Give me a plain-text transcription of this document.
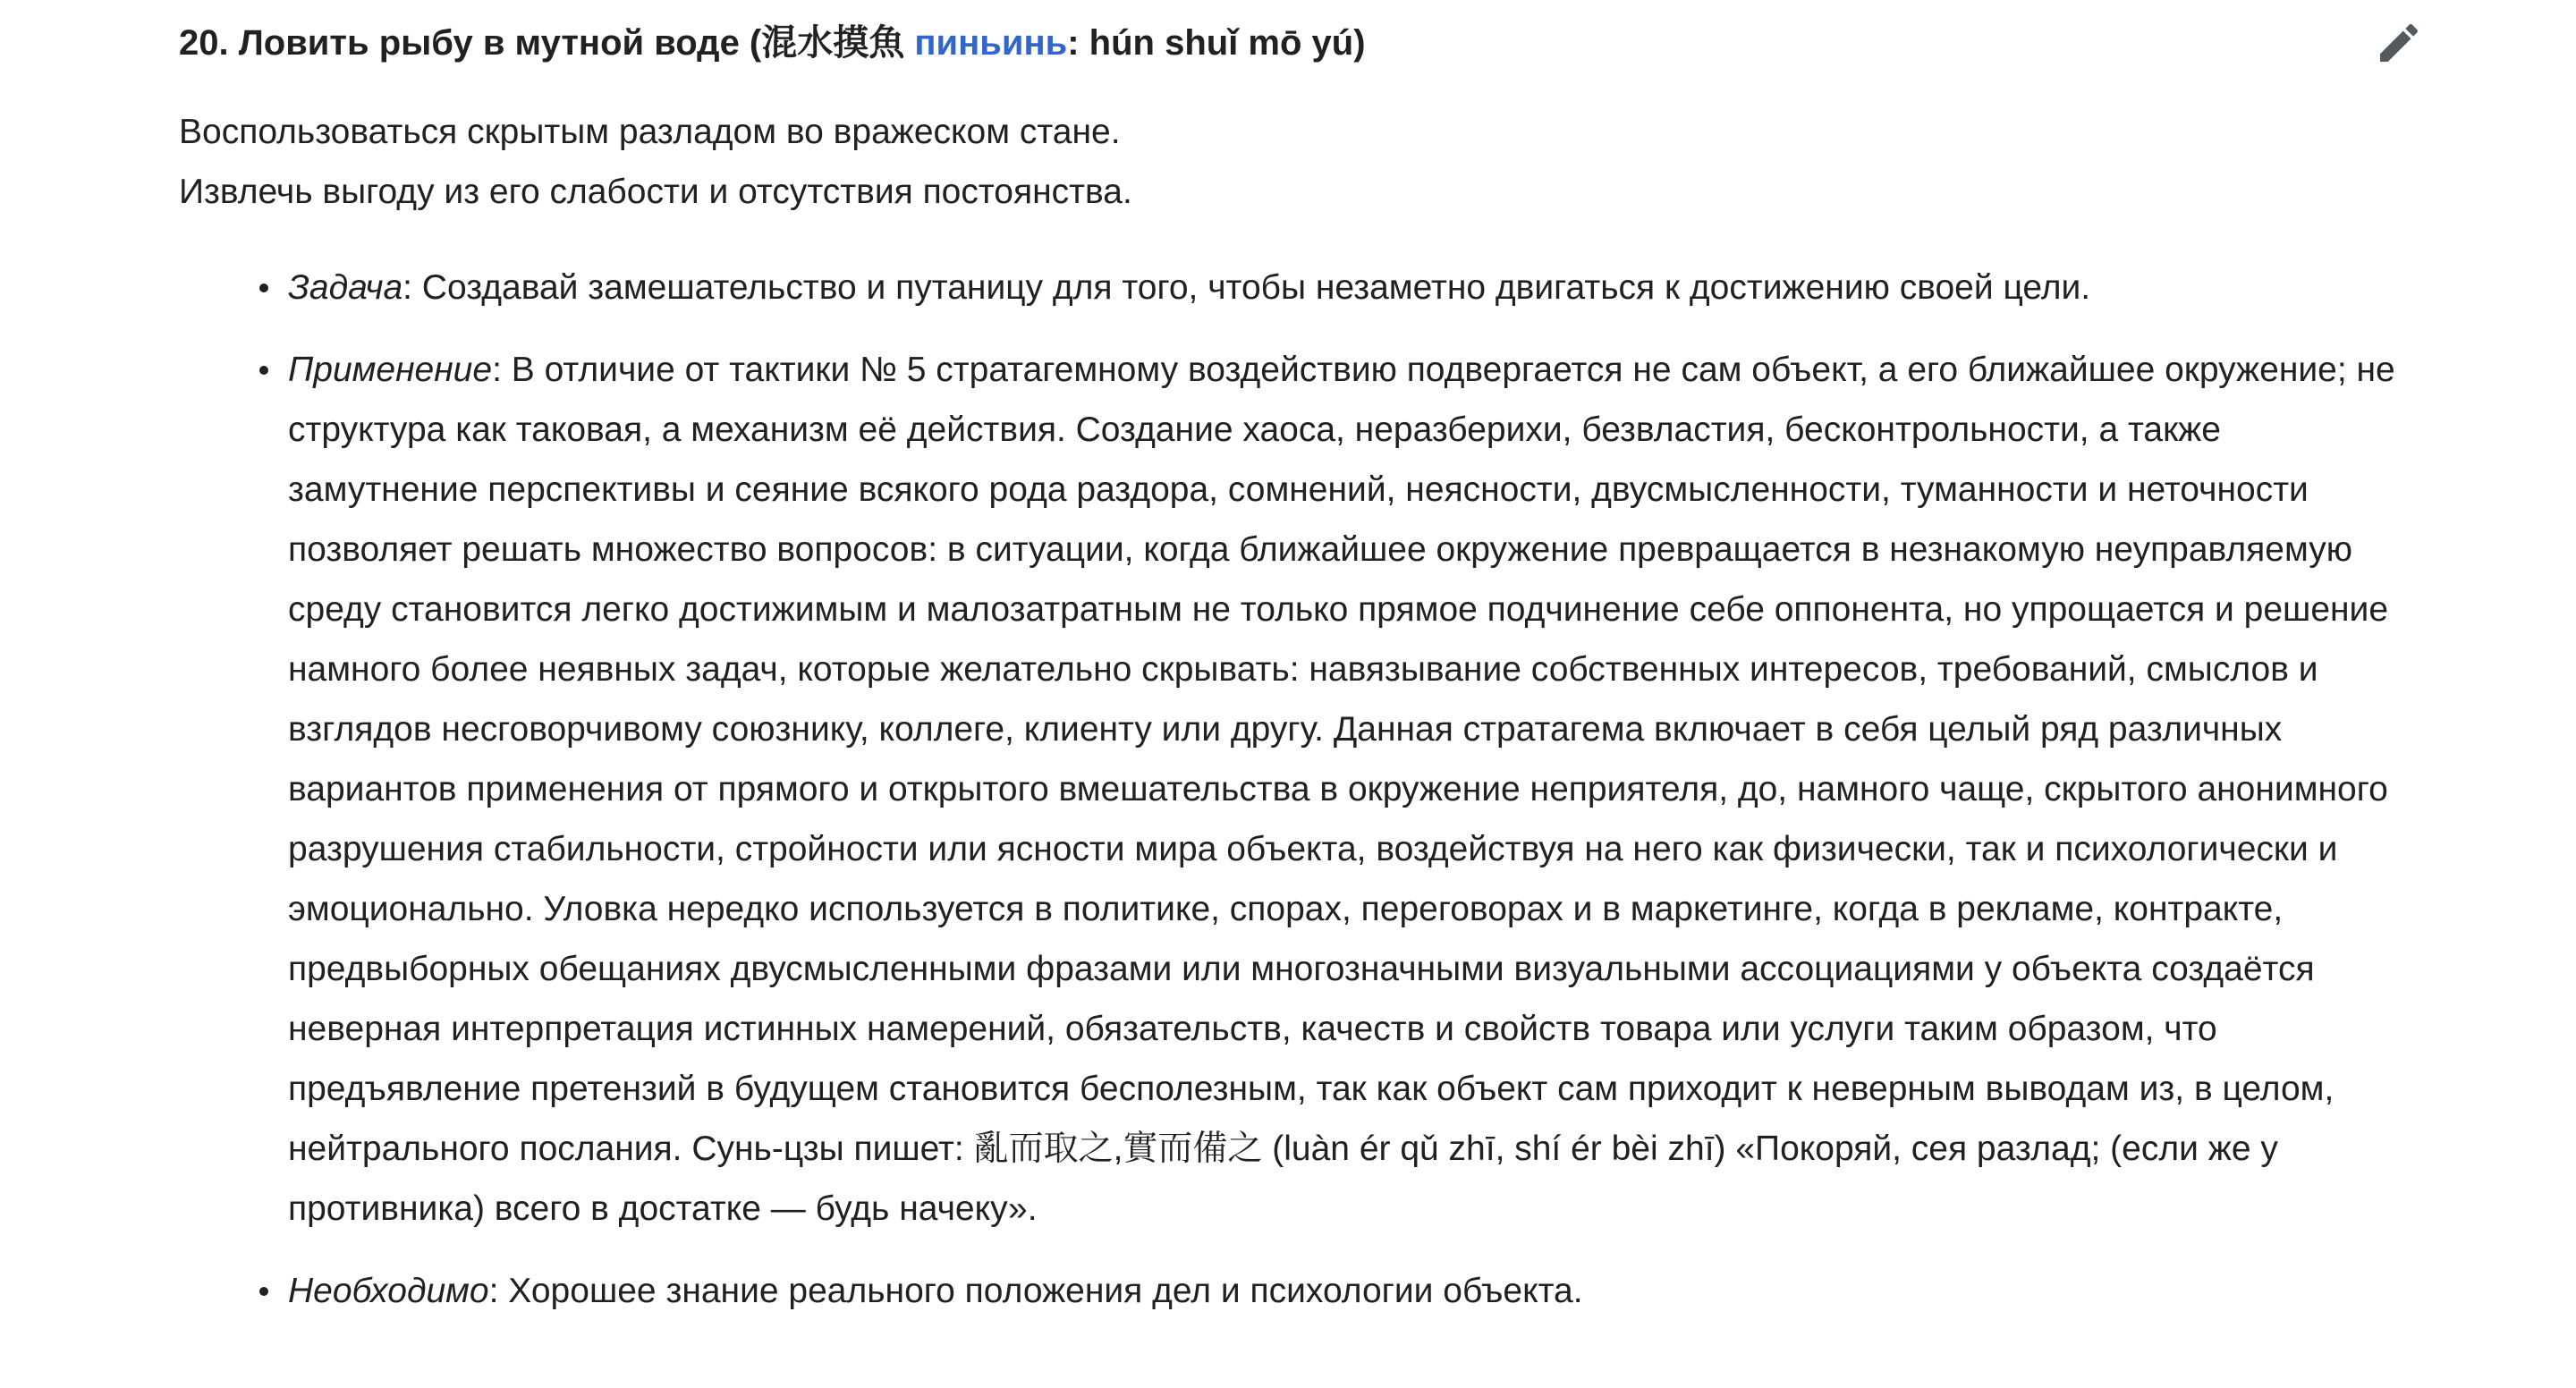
20. Ловить рыбу в мутной воде (混水摸魚 пиньинь: hún shuǐ mō yú)

Воспользоваться скрытым разладом во вражеском стане.

Извлечь выгоду из его слабости и отсутствия постоянства.

Задача: Создавай замешательство и путаницу для того, чтобы незаметно двигаться к достижению своей цели.
Применение: В отличие от тактики № 5 стратагемному воздействию подвергается не сам объект, а его ближайшее окружение; не структура как таковая, а механизм её действия. Создание хаоса, неразберихи, безвластия, бесконтрольности, а также замутнение перспективы и сеяние всякого рода раздора, сомнений, неясности, двусмысленности, туманности и неточности позволяет решать множество вопросов: в ситуации, когда ближайшее окружение превращается в незнакомую неуправляемую среду становится легко достижимым и малозатратным не только прямое подчинение себе оппонента, но упрощается и решение намного более неявных задач, которые желательно скрывать: навязывание собственных интересов, требований, смыслов и взглядов несговорчивому союзнику, коллеге, клиенту или другу. Данная стратагема включает в себя целый ряд различных вариантов применения от прямого и открытого вмешательства в окружение неприятеля, до, намного чаще, скрытого анонимного разрушения стабильности, стройности или ясности мира объекта, воздействуя на него как физически, так и психологически и эмоционально. Уловка нередко используется в политике, спорах, переговорах и в маркетинге, когда в рекламе, контракте, предвыборных обещаниях двусмысленными фразами или многозначными визуальными ассоциациями у объекта создаётся неверная интерпретация истинных намерений, обязательств, качеств и свойств товара или услуги таким образом, что предъявление претензий в будущем становится бесполезным, так как объект сам приходит к неверным выводам из, в целом, нейтрального послания. Сунь-цзы пишет: 亂而取之,實而備之 (luàn ér qǔ zhī, shí ér bèi zhī) «Покоряй, сея разлад; (если же у противника) всего в достатке — будь начеку».
Необходимо: Хорошее знание реального положения дел и психологии объекта.
